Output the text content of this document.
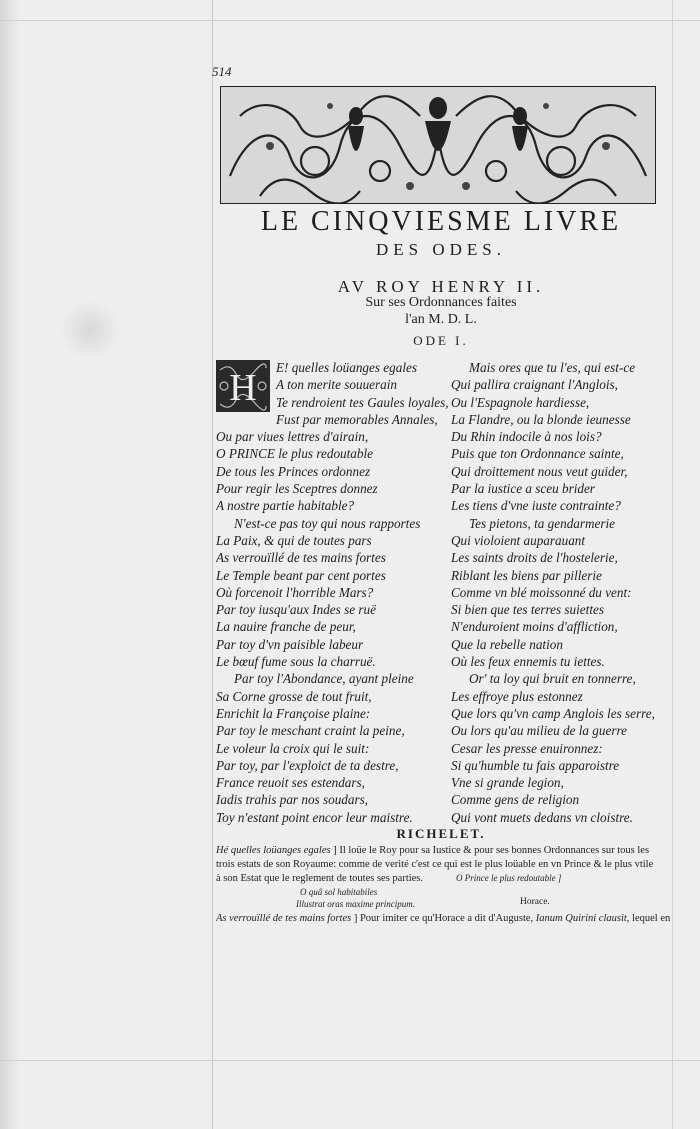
514
LE CINQVIESME LIVRE
DES ODES.
AV ROY HENRY II.
Sur ses Ordonnances faites
l'an M. D. L.
ODE I.
H	E! quelles loüanges egales
A ton merite souuerain
Te rendroient tes Gaules loyales,
Fust par memorables Annales,
Ou par viues lettres d'airain,
O PRINCE le plus redoutable
De tous les Princes ordonnez
Pour regir les Sceptres donnez
A nostre partie habitable?
N'est-ce pas toy qui nous rapportes
La Paix, & qui de toutes pars
As verrouïllé de tes mains fortes
Le Temple beant par cent portes
Où forcenoit l'horrible Mars?
Par toy iusqu'aux Indes se ruë
La nauire franche de peur,
Par toy d'vn paisible labeur
Le bœuf fume sous la charruë.
Par toy l'Abondance, ayant pleine
Sa Corne grosse de tout fruit,
Enrichit la Françoise plaine:
Par toy le meschant craint la peine,
Le voleur la croix qui le suit:
Par toy, par l'exploict de ta destre,
France reuoit ses estendars,
Iadis trahis par nos soudars,
Toy n'estant point encor leur maistre.
Mais ores que tu l'es, qui est-ce
Qui pallira craignant l'Anglois,
Ou l'Espagnole hardiesse,
La Flandre, ou la blonde ieunesse
Du Rhin indocile à nos lois?
Puis que ton Ordonnance sainte,
Qui droittement nous veut guider,
Par la iustice a sceu brider
Les tiens d'vne iuste contrainte?
Tes pietons, ta gendarmerie
Qui violoient auparauant
Les saints droits de l'hostelerie,
Riblant les biens par pillerie
Comme vn blé moissonné du vent:
Si bien que tes terres suiettes
N'enduroient moins d'affliction,
Que la rebelle nation
Où les feux ennemis tu iettes.
Or' ta loy qui bruit en tonnerre,
Les effroye plus estonnez
Que lors qu'vn camp Anglois les serre,
Ou lors qu'au milieu de la guerre
Cesar les presse enuironnez:
Si qu'humble tu fais apparoistre
Vne si grande legion,
Comme gens de religion
Qui vont muets dedans vn cloistre.
RICHELET.
Hé quelles loüanges egales ] Il loüe le Roy pour sa Iustice & pour ses bonnes Ordonnances sur tous les
trois estats de son Royaume: comme de verité c'est ce qui est le plus loüable en vn Prince & le plus vtile
à son Estat que le reglement de toutes ses parties.	O Prince le plus redoutable ]
O quâ sol habitabiles
Illustrat oras maxime principum.	Horace.
As verrouïllé de tes mains fortes ] Pour imiter ce qu'Horace a dit d'Auguste, Ianum Quirini clausit, lequel en
